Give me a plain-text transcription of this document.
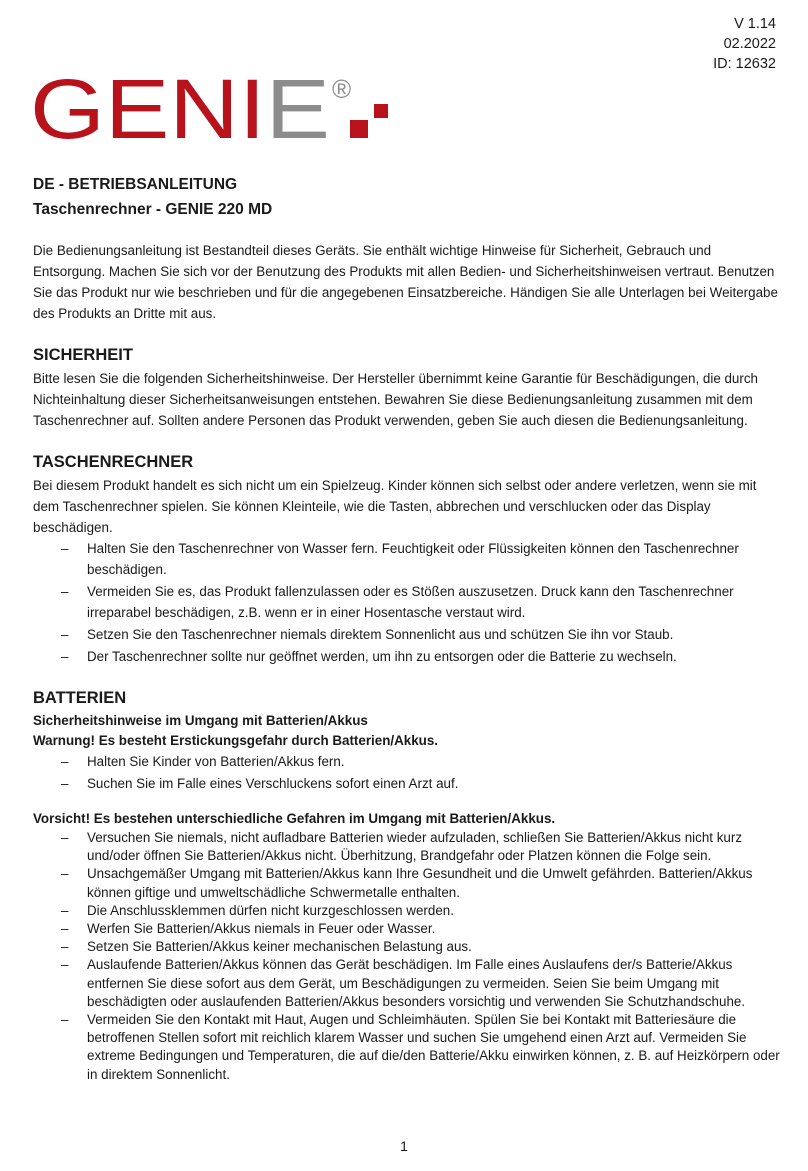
V 1.14
02.2022
ID: 12632
GENI E ®

DE - BETRIEBSANLEITUNG

Taschenrechner - GENIE 220 MD

Die Bedienungsanleitung ist Bestandteil dieses Geräts. Sie enthält wichtige Hinweise für Sicherheit, Gebrauch und Entsorgung. Machen Sie sich vor der Benutzung des Produkts mit allen Bedien- und Sicherheitshinweisen vertraut. Benutzen Sie das Produkt nur wie beschrieben und für die angegebenen Einsatzbereiche. Händigen Sie alle Unterlagen bei Weitergabe des Produkts an Dritte mit aus.

SICHERHEIT

Bitte lesen Sie die folgenden Sicherheitshinweise. Der Hersteller übernimmt keine Garantie für Beschädigungen, die durch Nichteinhaltung dieser Sicherheitsanweisungen entstehen. Bewahren Sie diese Bedienungsanleitung zusammen mit dem Taschenrechner auf. Sollten andere Personen das Produkt verwenden, geben Sie auch diesen die Bedienungsanleitung.

TASCHENRECHNER

Bei diesem Produkt handelt es sich nicht um ein Spielzeug. Kinder können sich selbst oder andere verletzen, wenn sie mit dem Taschenrechner spielen. Sie können Kleinteile, wie die Tasten, abbrechen und verschlucken oder das Display beschädigen.

– Halten Sie den Taschenrechner von Wasser fern. Feuchtigkeit oder Flüssigkeiten können den Taschenrechner beschädigen.
– Vermeiden Sie es, das Produkt fallenzulassen oder es Stößen auszusetzen. Druck kann den Taschenrechner irreparabel beschädigen, z.B. wenn er in einer Hosentasche verstaut wird.
– Setzen Sie den Taschenrechner niemals direktem Sonnenlicht aus und schützen Sie ihn vor Staub.
– Der Taschenrechner sollte nur geöffnet werden, um ihn zu entsorgen oder die Batterie zu wechseln.
BATTERIEN

Sicherheitshinweise im Umgang mit Batterien/Akkus

Warnung! Es besteht Erstickungsgefahr durch Batterien/Akkus.

– Halten Sie Kinder von Batterien/Akkus fern.
– Suchen Sie im Falle eines Verschluckens sofort einen Arzt auf.

Vorsicht! Es bestehen unterschiedliche Gefahren im Umgang mit Batterien/Akkus.

– Versuchen Sie niemals, nicht aufladbare Batterien wieder aufzuladen, schließen Sie Batterien/Akkus nicht kurz und/oder öffnen Sie Batterien/Akkus nicht. Überhitzung, Brandgefahr oder Platzen können die Folge sein.
– Unsachgemäßer Umgang mit Batterien/Akkus kann Ihre Gesundheit und die Umwelt gefährden. Batterien/Akkus können giftige und umweltschädliche Schwermetalle enthalten.
– Die Anschlussklemmen dürfen nicht kurzgeschlossen werden.
– Werfen Sie Batterien/Akkus niemals in Feuer oder Wasser.
– Setzen Sie Batterien/Akkus keiner mechanischen Belastung aus.
– Auslaufende Batterien/Akkus können das Gerät beschädigen. Im Falle eines Auslaufens der/s Batterie/Akkus entfernen Sie diese sofort aus dem Gerät, um Beschädigungen zu vermeiden. Seien Sie beim Umgang mit beschädigten oder auslaufenden Batterien/Akkus besonders vorsichtig und verwenden Sie Schutzhandschuhe.
– Vermeiden Sie den Kontakt mit Haut, Augen und Schleimhäuten. Spülen Sie bei Kontakt mit Batteriesäure die betroffenen Stellen sofort mit reichlich klarem Wasser und suchen Sie umgehend einen Arzt auf. Vermeiden Sie extreme Bedingungen und Temperaturen, die auf die/den Batterie/Akku einwirken können, z. B. auf Heizkörpern oder in direktem Sonnenlicht.
1
